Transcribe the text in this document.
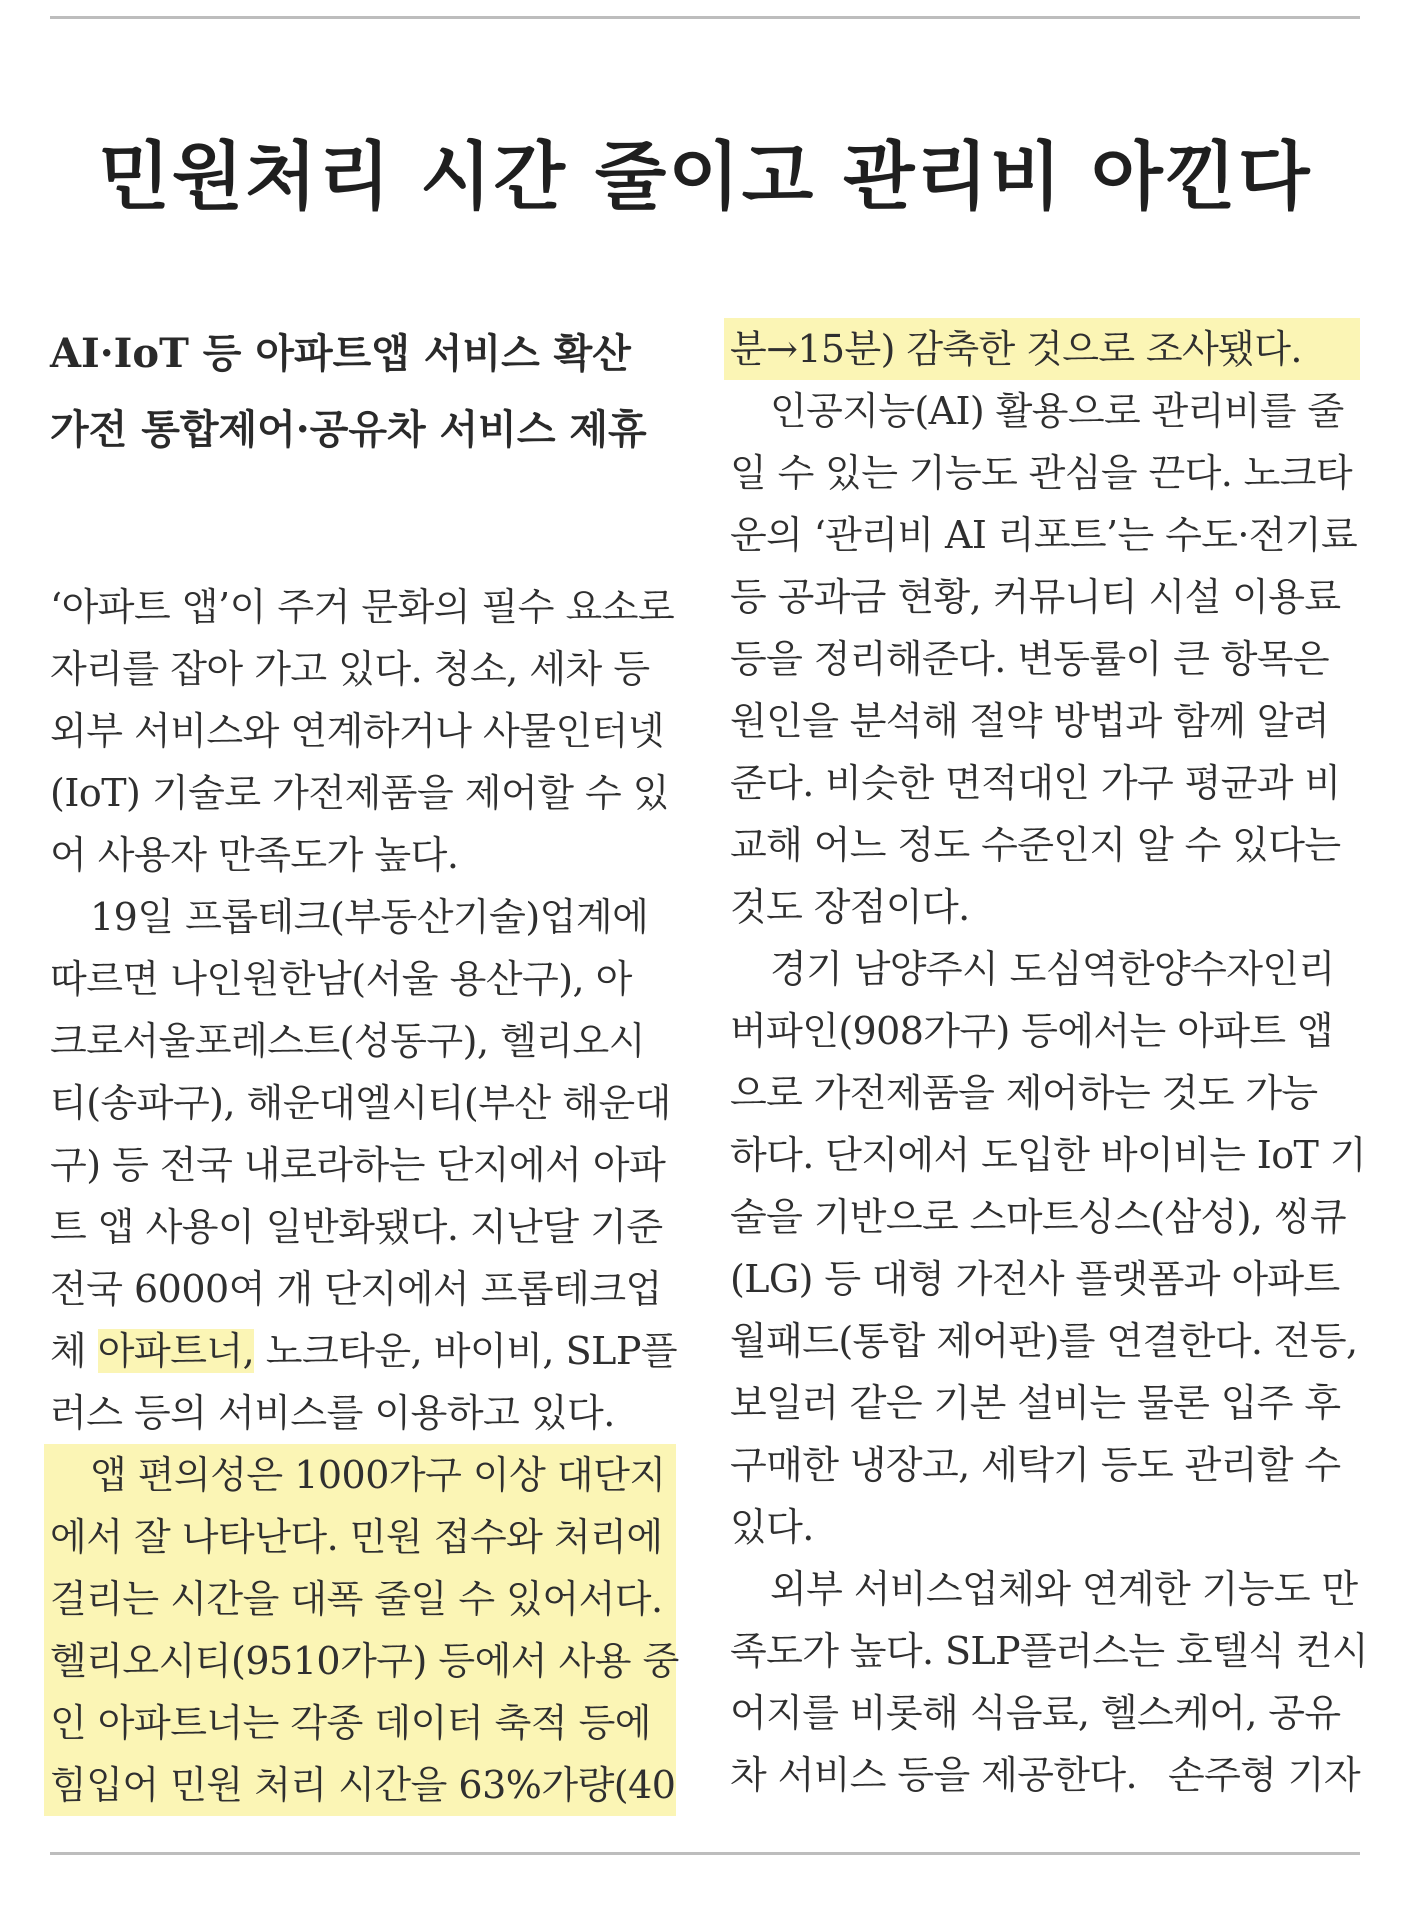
민원처리 시간 줄이고 관리비 아낀다
AI·IoT 등 아파트앱 서비스 확산
가전 통합제어·공유차 서비스 제휴
‘아파트 앱’이 주거 문화의 필수 요소로
자리를 잡아 가고 있다. 청소, 세차 등
외부 서비스와 연계하거나 사물인터넷
(IoT) 기술로 가전제품을 제어할 수 있
어 사용자 만족도가 높다.
19일 프롭테크(부동산기술)업계에
따르면 나인원한남(서울 용산구), 아
크로서울포레스트(성동구), 헬리오시
티(송파구), 해운대엘시티(부산 해운대
구) 등 전국 내로라하는 단지에서 아파
트 앱 사용이 일반화됐다. 지난달 기준
전국 6000여 개 단지에서 프롭테크업
체 아파트너, 노크타운, 바이비, SLP플
러스 등의 서비스를 이용하고 있다.
앱 편의성은 1000가구 이상 대단지
에서 잘 나타난다. 민원 접수와 처리에
걸리는 시간을 대폭 줄일 수 있어서다.
헬리오시티(9510가구) 등에서 사용 중
인 아파트너는 각종 데이터 축적 등에
힘입어 민원 처리 시간을 63%가량(40
분→15분) 감축한 것으로 조사됐다.
인공지능(AI) 활용으로 관리비를 줄
일 수 있는 기능도 관심을 끈다. 노크타
운의 ‘관리비 AI 리포트’는 수도·전기료
등 공과금 현황, 커뮤니티 시설 이용료
등을 정리해준다. 변동률이 큰 항목은
원인을 분석해 절약 방법과 함께 알려
준다. 비슷한 면적대인 가구 평균과 비
교해 어느 정도 수준인지 알 수 있다는
것도 장점이다.
경기 남양주시 도심역한양수자인리
버파인(908가구) 등에서는 아파트 앱
으로 가전제품을 제어하는 것도 가능
하다. 단지에서 도입한 바이비는 IoT 기
술을 기반으로 스마트싱스(삼성), 씽큐
(LG) 등 대형 가전사 플랫폼과 아파트
월패드(통합 제어판)를 연결한다. 전등,
보일러 같은 기본 설비는 물론 입주 후
구매한 냉장고, 세탁기 등도 관리할 수
있다.
외부 서비스업체와 연계한 기능도 만
족도가 높다. SLP플러스는 호텔식 컨시
어지를 비롯해 식음료, 헬스케어, 공유
차 서비스 등을 제공한다. 손주형 기자
